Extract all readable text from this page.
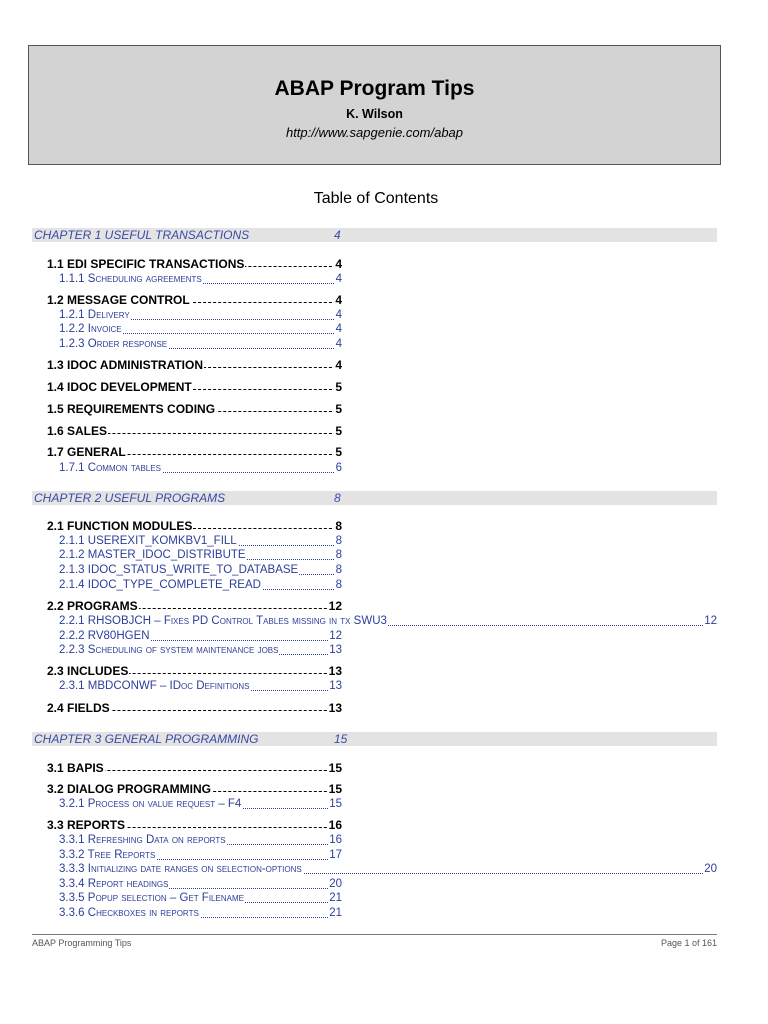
ABAP Program Tips
K. Wilson
http://www.sapgenie.com/abap
Table of Contents
CHAPTER 1 USEFUL TRANSACTIONS	4
1.1 EDI SPECIFIC TRANSACTIONS	4
1.1.1 Scheduling agreements	4
1.2 MESSAGE CONTROL	4
1.2.1 Delivery	4
1.2.2 Invoice	4
1.2.3 Order response	4
1.3 IDOC ADMINISTRATION	4
1.4 IDOC DEVELOPMENT	5
1.5 REQUIREMENTS CODING	5
1.6 SALES	5
1.7 GENERAL	5
1.7.1 Common tables	6
CHAPTER 2 USEFUL PROGRAMS	8
2.1 FUNCTION MODULES	8
2.1.1 USEREXIT_KOMKBV1_FILL	8
2.1.2 MASTER_IDOC_DISTRIBUTE	8
2.1.3 IDOC_STATUS_WRITE_TO_DATABASE	8
2.1.4 IDOC_TYPE_COMPLETE_READ	8
2.2 PROGRAMS	12
2.2.1 RHSOBJCH – Fixes PD Control Tables missing in tx SWU3	12
2.2.2 RV80HGEN	12
2.2.3 Scheduling of system maintenance jobs	13
2.3 INCLUDES	13
2.3.1 MBDCONWF – IDoc Definitions	13
2.4 FIELDS	13
CHAPTER 3 GENERAL PROGRAMMING	15
3.1 BAPIS	15
3.2 DIALOG PROGRAMMING	15
3.2.1 Process on value request – F4	15
3.3 REPORTS	16
3.3.1 Refreshing Data on reports	16
3.3.2 Tree Reports	17
3.3.3 Initializing date ranges on selection-options	20
3.3.4 Report headings	20
3.3.5 Popup selection – Get Filename	21
3.3.6 Checkboxes in reports	21
ABAP Programming Tips	Page 1 of 161
